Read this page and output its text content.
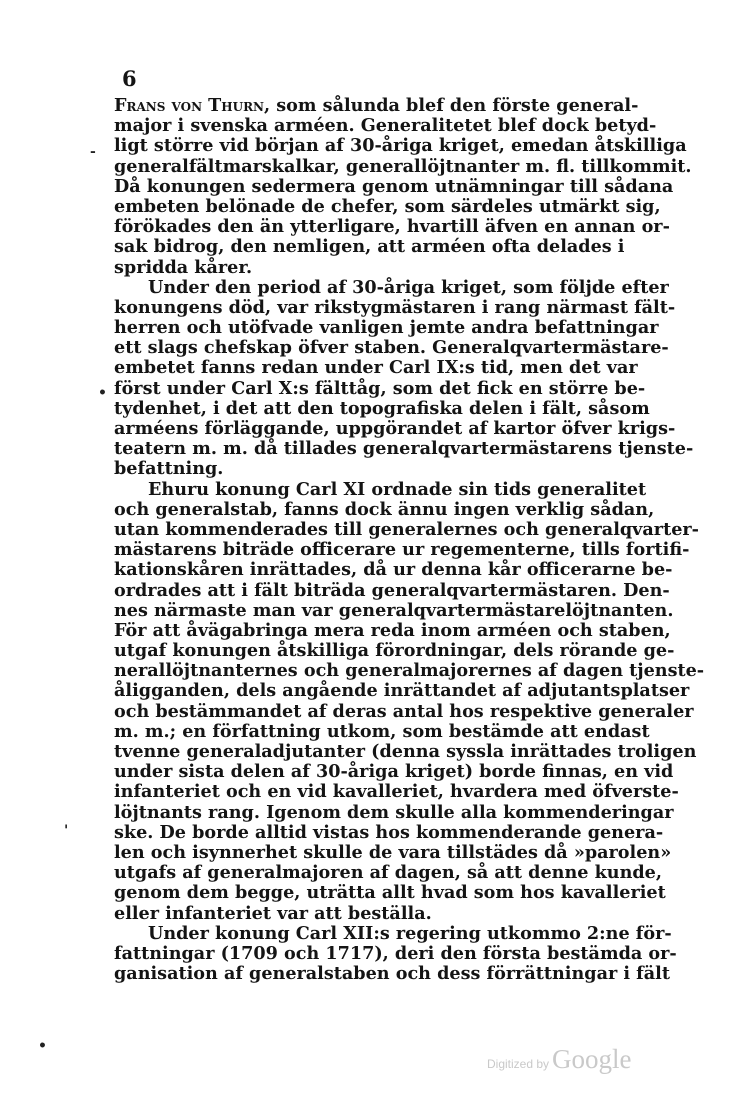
6
-
•
'
•
Frans von Thurn, som sålunda blef den förste general-
major i svenska arméen. Generalitetet blef dock betyd-
ligt större vid början af 30-åriga kriget, emedan åtskilliga
generalfältmarskalkar, generallöjtnanter m. fl. tillkommit.
Då konungen sedermera genom utnämningar till sådana
embeten belönade de chefer, som särdeles utmärkt sig,
förökades den än ytterligare, hvartill äfven en annan or-
sak bidrog, den nemligen, att arméen ofta delades i
spridda kårer.
Under den period af 30-åriga kriget, som följde efter
konungens död, var rikstygmästaren i rang närmast fält-
herren och utöfvade vanligen jemte andra befattningar
ett slags chefskap öfver staben. Generalqvartermästare-
embetet fanns redan under Carl IX:s tid, men det var
först under Carl X:s fälttåg, som det fick en större be-
tydenhet, i det att den topografiska delen i fält, såsom
arméens förläggande, uppgörandet af kartor öfver krigs-
teatern m. m. då tillades generalqvartermästarens tjenste-
befattning.
Ehuru konung Carl XI ordnade sin tids generalitet
och generalstab, fanns dock ännu ingen verklig sådan,
utan kommenderades till generalernes och generalqvarter-
mästarens biträde officerare ur regementerne, tills fortifi-
kationskåren inrättades, då ur denna kår officerarne be-
ordrades att i fält biträda generalqvartermästaren. Den-
nes närmaste man var generalqvartermästarelöjtnanten.
För att åvägabringa mera reda inom arméen och staben,
utgaf konungen åtskilliga förordningar, dels rörande ge-
nerallöjtnanternes och generalmajorernes af dagen tjenste-
åligganden, dels angående inrättandet af adjutantsplatser
och bestämmandet af deras antal hos respektive generaler
m. m.; en författning utkom, som bestämde att endast
tvenne generaladjutanter (denna syssla inrättades troligen
under sista delen af 30-åriga kriget) borde finnas, en vid
infanteriet och en vid kavalleriet, hvardera med öfverste-
löjtnants rang. Igenom dem skulle alla kommenderingar
ske. De borde alltid vistas hos kommenderande genera-
len och isynnerhet skulle de vara tillstädes då »parolen»
utgafs af generalmajoren af dagen, så att denne kunde,
genom dem begge, uträtta allt hvad som hos kavalleriet
eller infanteriet var att beställa.
Under konung Carl XII:s regering utkommo 2:ne för-
fattningar (1709 och 1717), deri den första bestämda or-
ganisation af generalstaben och dess förrättningar i fält
Digitized by Google
